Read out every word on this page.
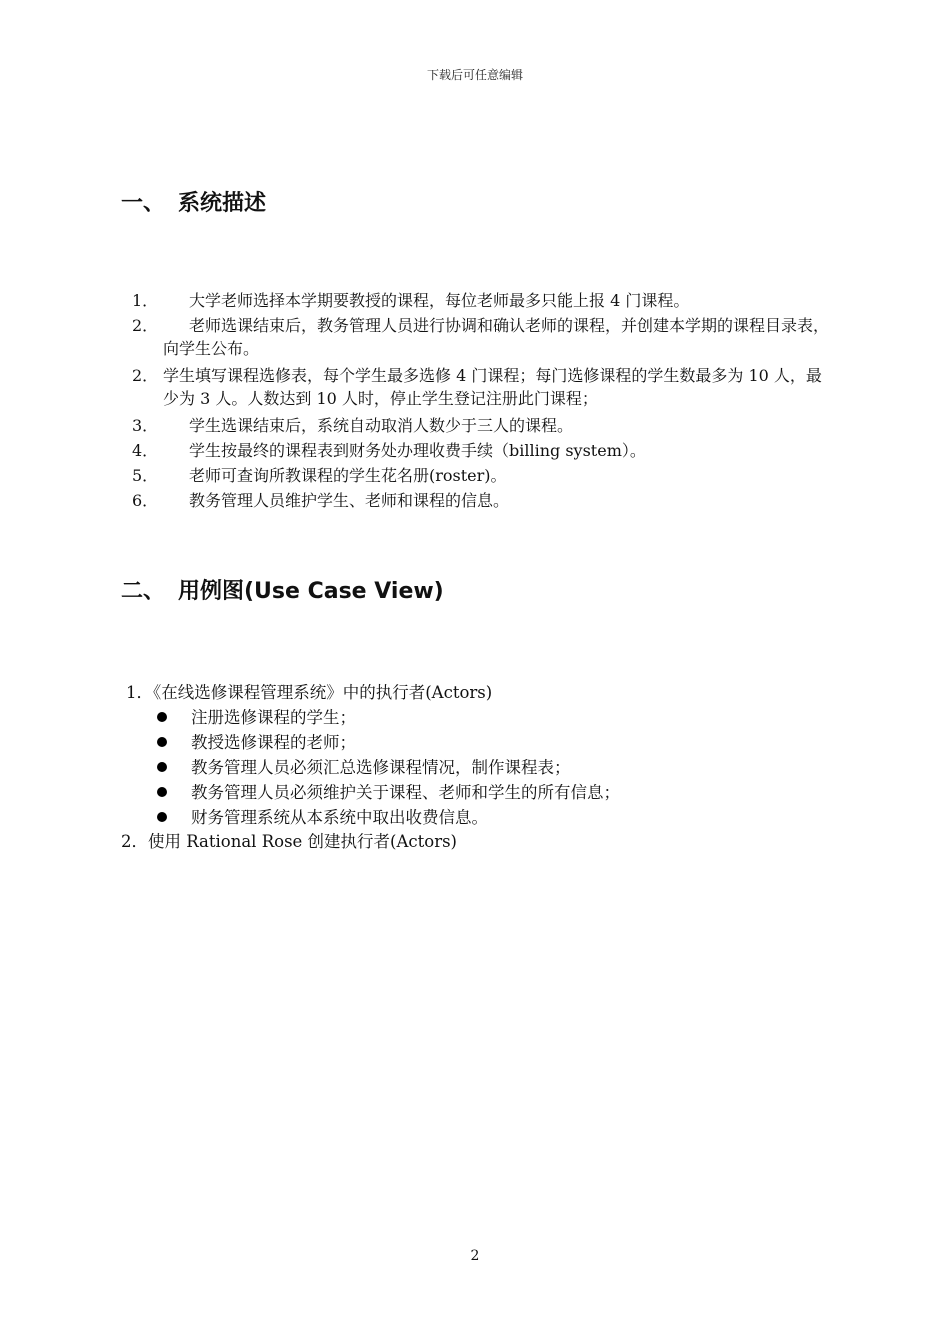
下载后可任意编辑
一、 系统描述
1．	大学老师选择本学期要教授的课程，每位老师最多只能上报 4 门课程。
2．	老师选课结束后，教务管理人员进行协调和确认老师的课程，并创建本学期的课程目录表，向学生公布。
2． 学生填写课程选修表，每个学生最多选修 4 门课程；每门选修课程的学生数最多为 10 人，最少为 3 人。人数达到 10 人时，停止学生登记注册此门课程；
3．	学生选课结束后，系统自动取消人数少于三人的课程。
4．	学生按最终的课程表到财务处办理收费手续（billing system）。
5．	老师可查询所教课程的学生花名册(roster)。
6．	教务管理人员维护学生、老师和课程的信息。
二、 用例图(Use Case View)
1．《在线选修课程管理系统》中的执行者(Actors)
注册选修课程的学生；
教授选修课程的老师；
教务管理人员必须汇总选修课程情况，制作课程表；
教务管理人员必须维护关于课程、老师和学生的所有信息；
财务管理系统从本系统中取出收费信息。
2．使用 Rational Rose 创建执行者(Actors)
2
